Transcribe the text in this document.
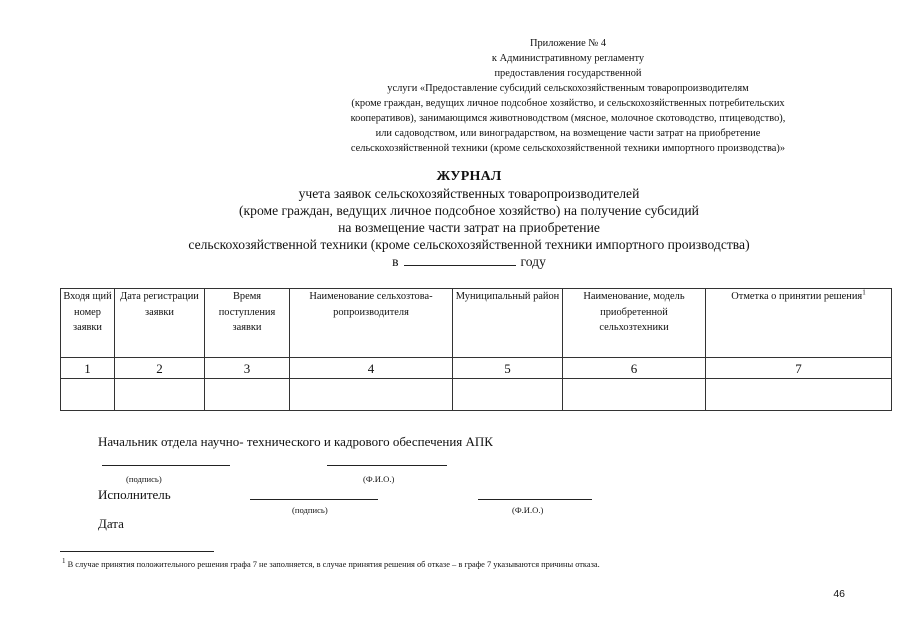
Приложение № 4
к Административному регламенту
предоставления государственной
услуги «Предоставление субсидий сельскохозяйственным товаропроизводителям
(кроме граждан, ведущих личное подсобное хозяйство, и сельскохозяйственных потребительских
кооперативов), занимающимся животноводством (мясное, молочное скотоводство, птицеводство),
или садоводством, или виноградарством, на возмещение части затрат на приобретение
сельскохозяйственной техники (кроме сельскохозяйственной техники импортного производства)»
ЖУРНАЛ
учета заявок сельскохозяйственных товаропроизводителей
(кроме граждан, ведущих личное подсобное хозяйство) на получение субсидий
на возмещение части затрат на приобретение
сельскохозяйственной техники (кроме сельскохозяйственной техники импортного производства)
в	году
Входя щий номер заявки	Дата регистрации заявки	Время поступления заявки	Наименование сельхозтова- ропроизводителя	Муниципальный район	Наименование, модель приобретенной сельхозтехники	Отметка о принятии решения$^1$
1	2	3	4	5	6	7

Начальник отдела научно- технического и кадрового обеспечения АПК
(подпись)	(Ф.И.О.)
Исполнитель
(подпись)	(Ф.И.О.)
Дата
$^1$ В случае принятия положительного решения графа 7 не заполняется, в случае принятия решения об отказе – в графе 7 указываются причины отказа.
46
